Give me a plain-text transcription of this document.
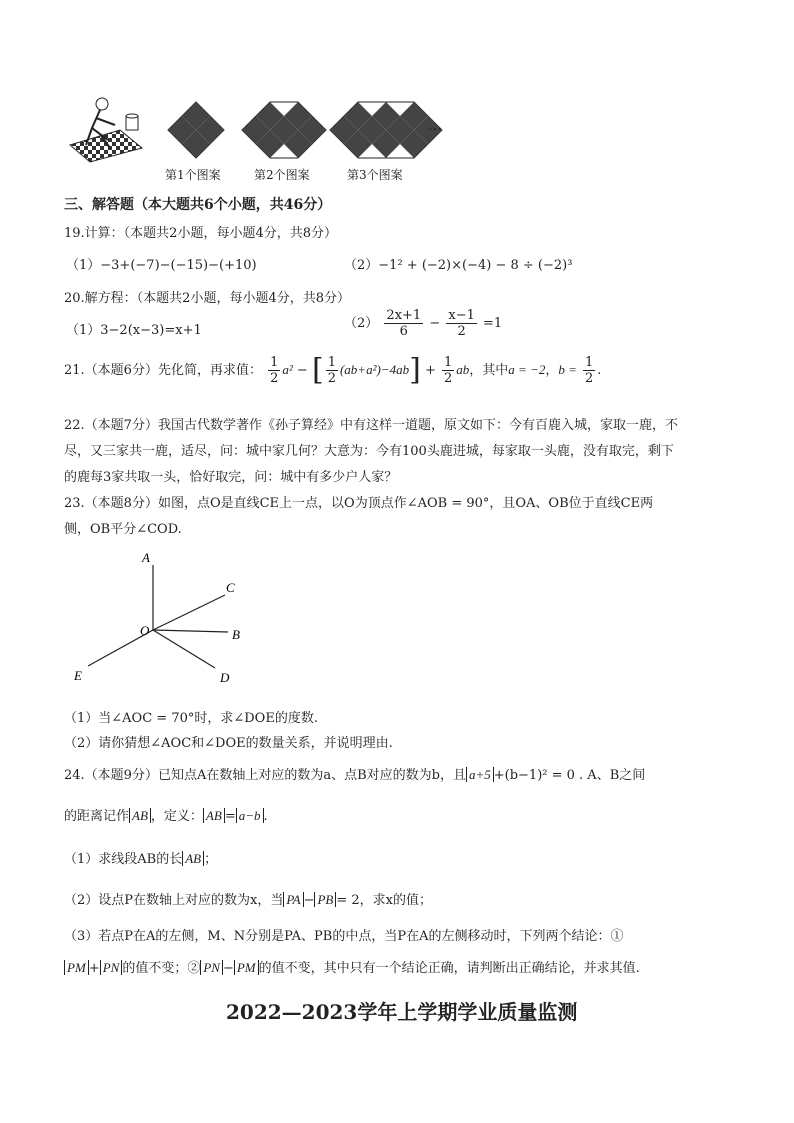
…
第1个图案	第2个图案	第3个图案
三、解答题（本大题共6个小题，共46分）
19.计算：（本题共2小题，每小题4分，共8分）
（1）−3+(−7)−(−15)−(+10)	（2）−1² + (−2)×(−4) − 8 ÷ (−2)³
20.解方程：（本题共2小题，每小题4分，共8分）
（1）3−2(x−3)=x+1	$(2) \frac{2x+1}{6} - \frac{x-1}{2} =1$
21.（本题6分）先化简，再求值： $\frac{1}{2} a^2$ − [ $\frac{1}{2} (ab+a^2)-4ab] + \frac{1}{2}$ ab，其中a = −2，$b = \frac{1}{2}$ .
22.（本题7分）我国古代数学著作《孙子算经》中有这样一道题，原文如下：今有百鹿入城，家取一鹿，不
尽，又三家共一鹿，适尽，问：城中家几何？大意为：今有100头鹿进城，每家取一头鹿，没有取完，剩下
的鹿每3家共取一头，恰好取完，问：城中有多少户人家？
23.（本题8分）如图，点O是直线CE上一点，以O为顶点作∠AOB = 90°，且OA、OB位于直线CE两
侧，OB平分∠COD.
A
C
O	B
E	D
（1）当∠AOC = 70°时，求∠DOE的度数.
（2）请你猜想∠AOC和∠DOE的数量关系，并说明理由.
24.（本题9分）已知点A在数轴上对应的数为a、点B对应的数为b，且 a+5 +(b−1)² = 0 . A、B之间
的距离记作 AB ，定义： AB = a−b .
（1）求线段AB的长 AB ；
（2）设点P在数轴上对应的数为x，当 PA − PB = 2，求x的值；
（3）若点P在A的左侧，M、N分别是PA、PB的中点，当P在A的左侧移动时，下列两个结论：①
PM + PN 的值不变；② PN − PM 的值不变，其中只有一个结论正确，请判断出正确结论，并求其值.
2022—2023学年上学期学业质量监测
